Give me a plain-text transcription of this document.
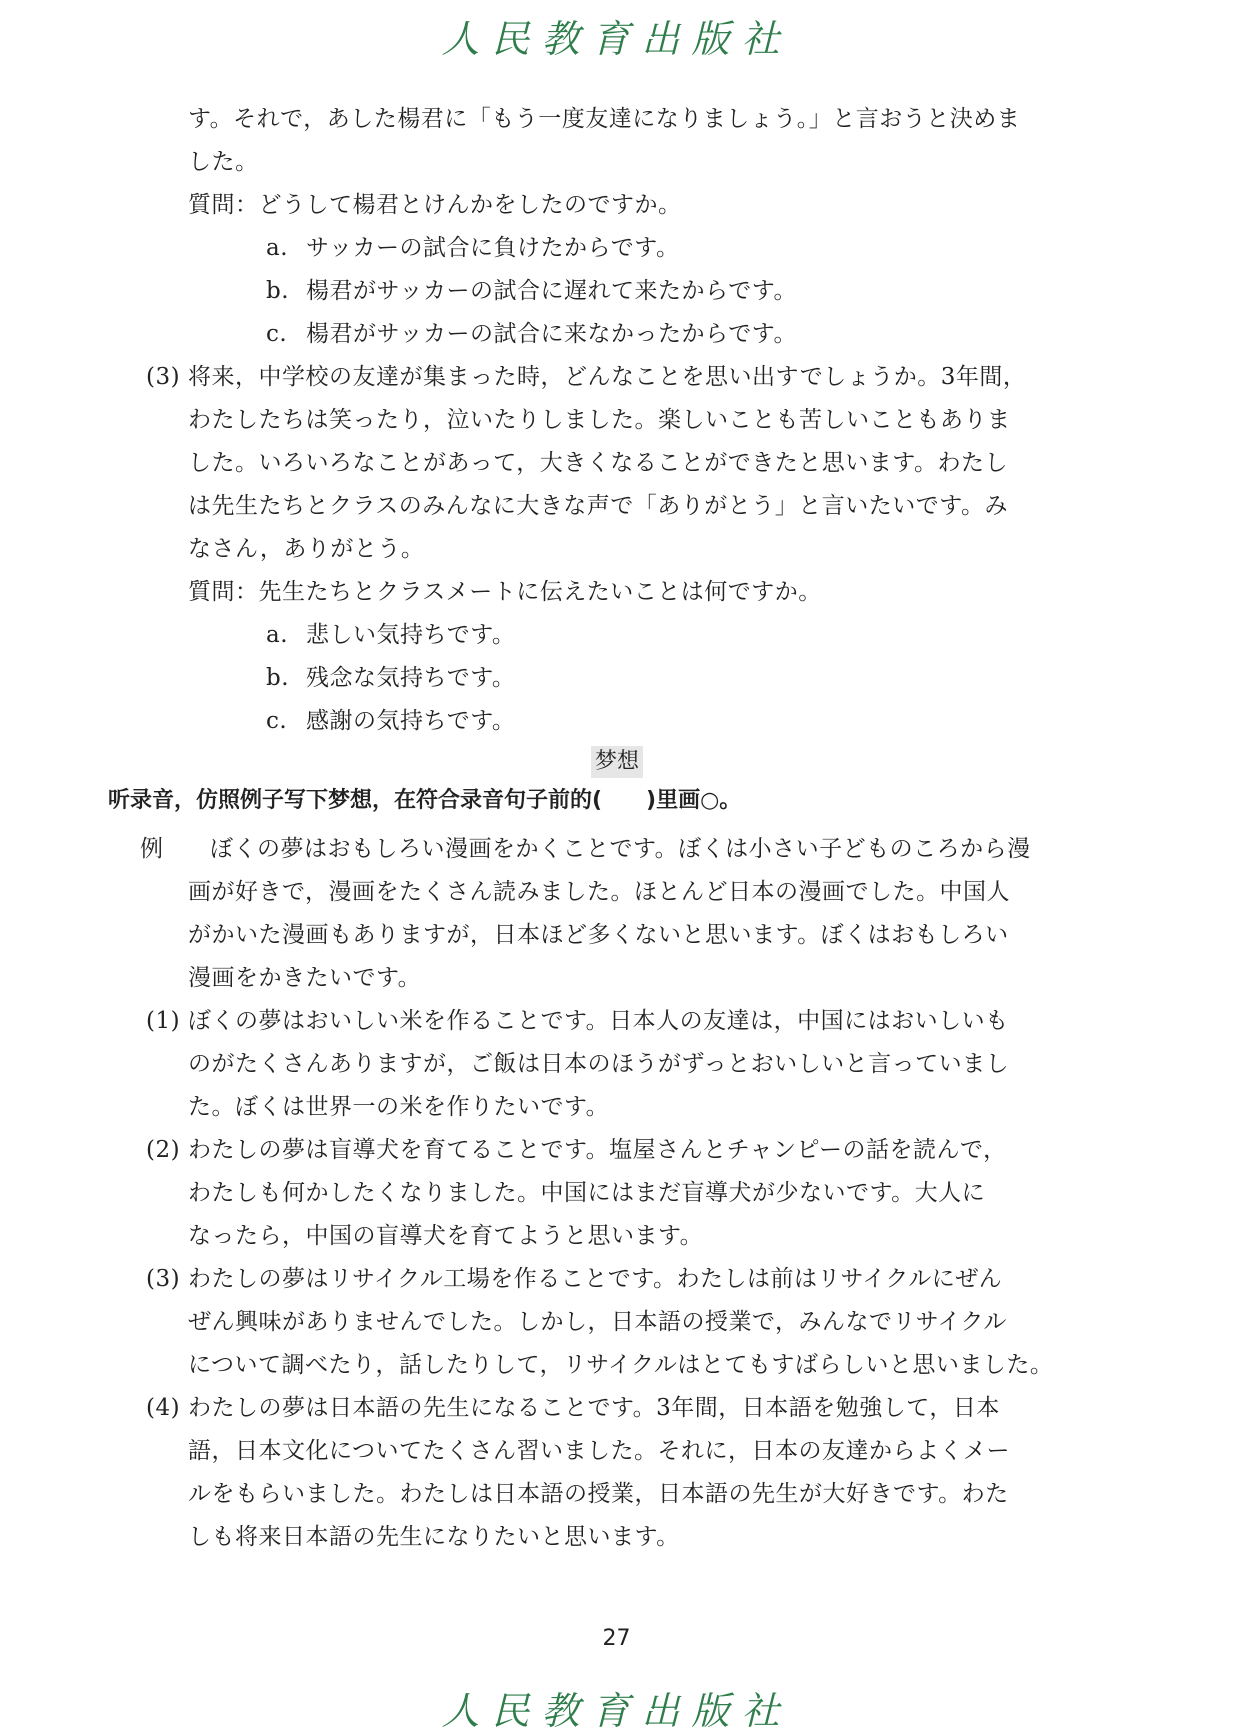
人民教育出版社
す。それで，あした楊君に「もう一度友達になりましょう。」と言おうと決めま
した。
質問：どうして楊君とけんかをしたのですか。
a. サッカーの試合に負けたからです。
b. 楊君がサッカーの試合に遅れて来たからです。
c. 楊君がサッカーの試合に来なかったからです。
(3) 将来，中学校の友達が集まった時，どんなことを思い出すでしょうか。3年間，
わたしたちは笑ったり，泣いたりしました。楽しいことも苦しいこともありま
した。いろいろなことがあって，大きくなることができたと思います。わたし
は先生たちとクラスのみんなに大きな声で「ありがとう」と言いたいです。み
なさん，ありがとう。
質問：先生たちとクラスメートに伝えたいことは何ですか。
a. 悲しい気持ちです。
b. 残念な気持ちです。
c. 感謝の気持ちです。
梦想
听录音，仿照例子写下梦想，在符合录音句子前的(　　)里画○。
例 ぼくの夢はおもしろい漫画をかくことです。ぼくは小さい子どものころから漫
画が好きで，漫画をたくさん読みました。ほとんど日本の漫画でした。中国人
がかいた漫画もありますが，日本ほど多くないと思います。ぼくはおもしろい
漫画をかきたいです。
(1) ぼくの夢はおいしい米を作ることです。日本人の友達は，中国にはおいしいも
のがたくさんありますが，ご飯は日本のほうがずっとおいしいと言っていまし
た。ぼくは世界一の米を作りたいです。
(2) わたしの夢は盲導犬を育てることです。塩屋さんとチャンピーの話を読んで，
わたしも何かしたくなりました。中国にはまだ盲導犬が少ないです。大人に
なったら，中国の盲導犬を育てようと思います。
(3) わたしの夢はリサイクル工場を作ることです。わたしは前はリサイクルにぜん
ぜん興味がありませんでした。しかし，日本語の授業で，みんなでリサイクル
について調べたり，話したりして，リサイクルはとてもすばらしいと思いました。
(4) わたしの夢は日本語の先生になることです。3年間，日本語を勉強して，日本
語，日本文化についてたくさん習いました。それに，日本の友達からよくメー
ルをもらいました。わたしは日本語の授業，日本語の先生が大好きです。わた
しも将来日本語の先生になりたいと思います。
27
人民教育出版社
